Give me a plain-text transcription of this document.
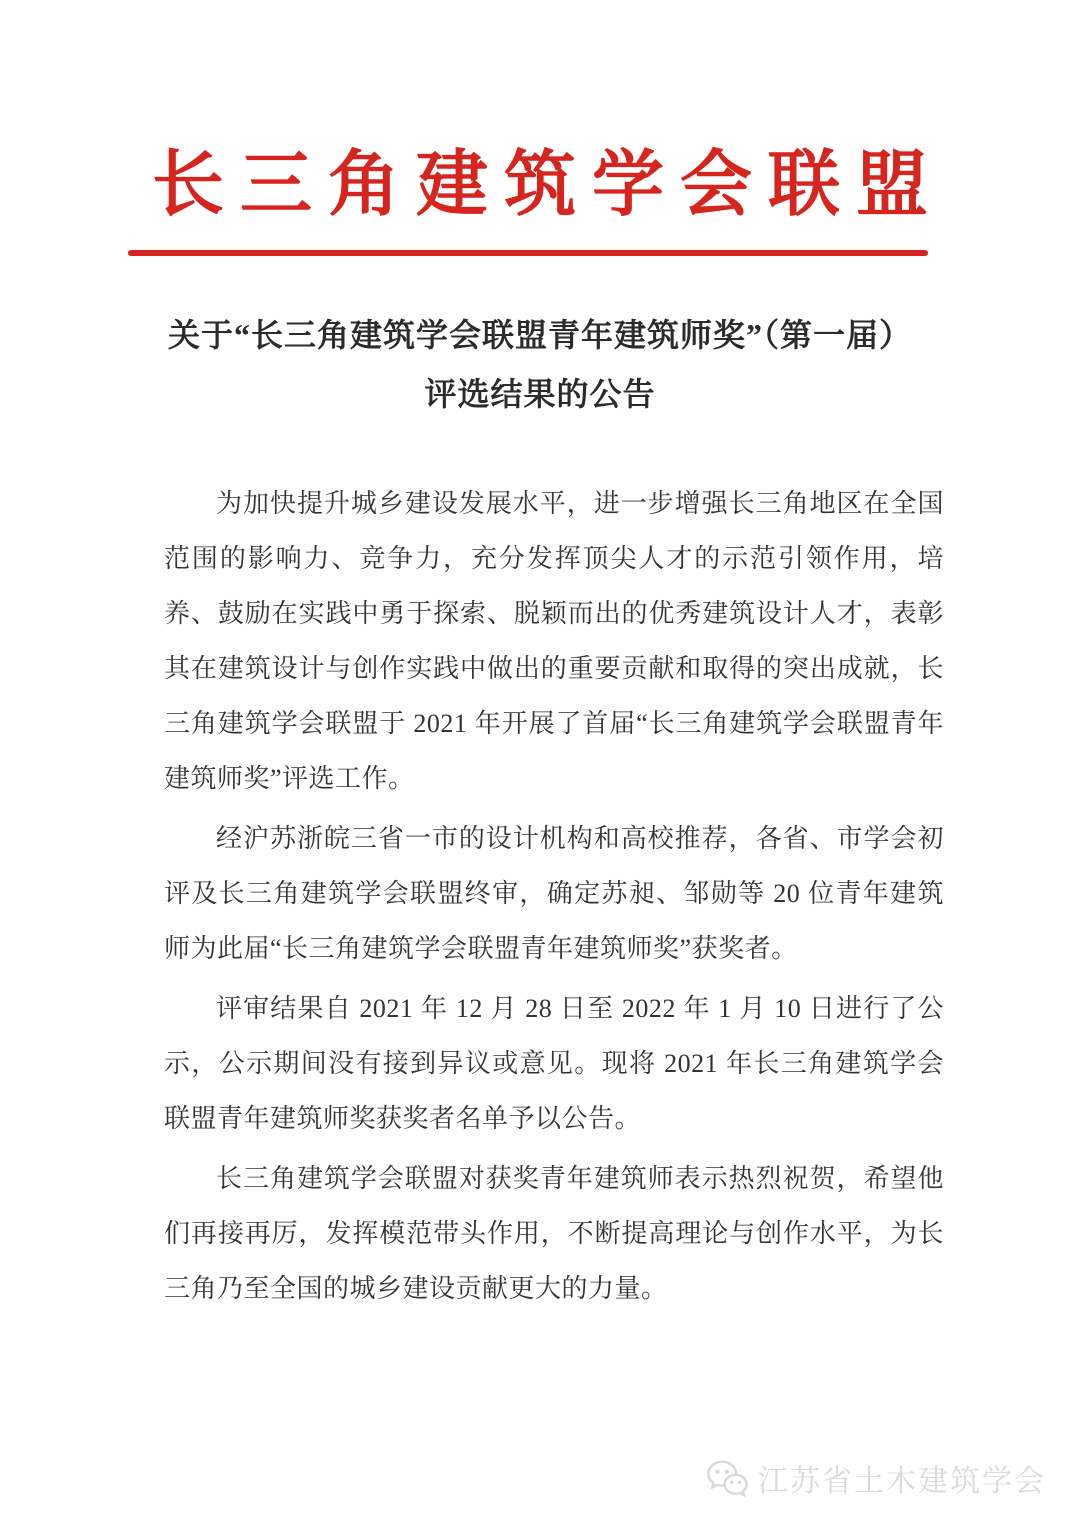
长三角建筑学会联盟
关于“长三角建筑学会联盟青年建筑师奖”（第一届）
评选结果的公告

为加快提升城乡建设发展水平，进一步增强长三角地区在全国范围的影响力、竞争力，充分发挥顶尖人才的示范引领作用，培养、鼓励在实践中勇于探索、脱颖而出的优秀建筑设计人才，表彰其在建筑设计与创作实践中做出的重要贡献和取得的突出成就，长三角建筑学会联盟于 2021 年开展了首届“长三角建筑学会联盟青年建筑师奖”评选工作。

经沪苏浙皖三省一市的设计机构和高校推荐，各省、市学会初评及长三角建筑学会联盟终审，确定苏昶、邹勋等 20 位青年建筑师为此届“长三角建筑学会联盟青年建筑师奖”获奖者。

评审结果自 2021 年 12 月 28 日至 2022 年 1 月 10 日进行了公示，公示期间没有接到异议或意见。现将 2021 年长三角建筑学会联盟青年建筑师奖获奖者名单予以公告。

长三角建筑学会联盟对获奖青年建筑师表示热烈祝贺，希望他们再接再厉，发挥模范带头作用，不断提高理论与创作水平，为长三角乃至全国的城乡建设贡献更大的力量。

江苏省土木建筑学会
